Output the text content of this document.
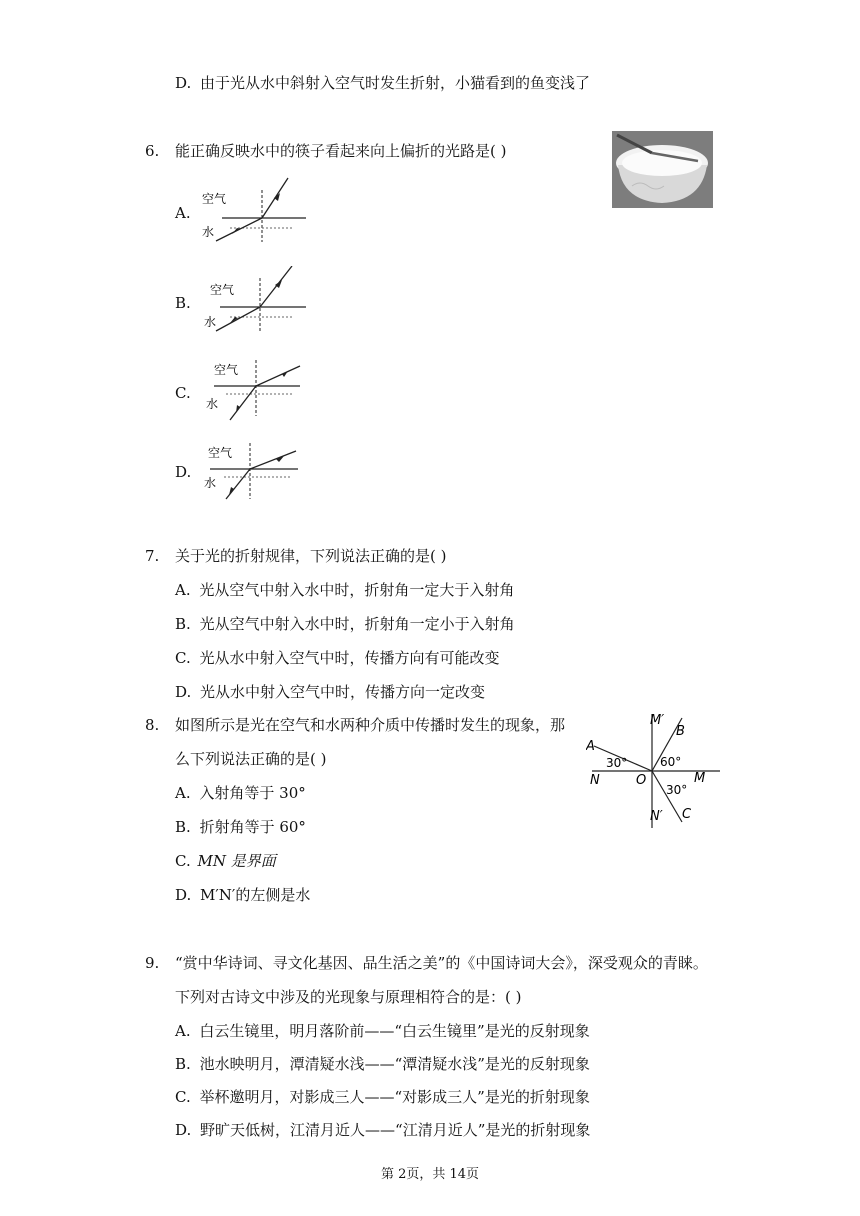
D. 由于光从水中斜射入空气时发生折射，小猫看到的鱼变浅了
6. 能正确反映水中的筷子看起来向上偏折的光路是( )
A.
空气
水
B.
空气
水
C.
空气
水
D.
空气
水
7. 关于光的折射规律，下列说法正确的是( )
A. 光从空气中射入水中时，折射角一定大于入射角
B. 光从空气中射入水中时，折射角一定小于入射角
C. 光从水中射入空气中时，传播方向有可能改变
D. 光从水中射入空气中时，传播方向一定改变
8. 如图所示是光在空气和水两种介质中传播时发生的现象，那
么下列说法正确的是( )
A. 入射角等于 30°
B. 折射角等于 60°
C. MN 是界面
D. M′N′的左侧是水
M′
B
A
30°	60°
N	O	M
30°
N′ C
9. “赏中华诗词、寻文化基因、品生活之美”的《中国诗词大会》，深受观众的青睐。
下列对古诗文中涉及的光现象与原理相符合的是：( )
A. 白云生镜里，明月落阶前——“白云生镜里”是光的反射现象
B. 池水映明月，潭清疑水浅——“潭清疑水浅”是光的反射现象
C. 举杯邀明月，对影成三人——“对影成三人”是光的折射现象
D. 野旷天低树，江清月近人——“江清月近人”是光的折射现象
第 2页，共 14页
